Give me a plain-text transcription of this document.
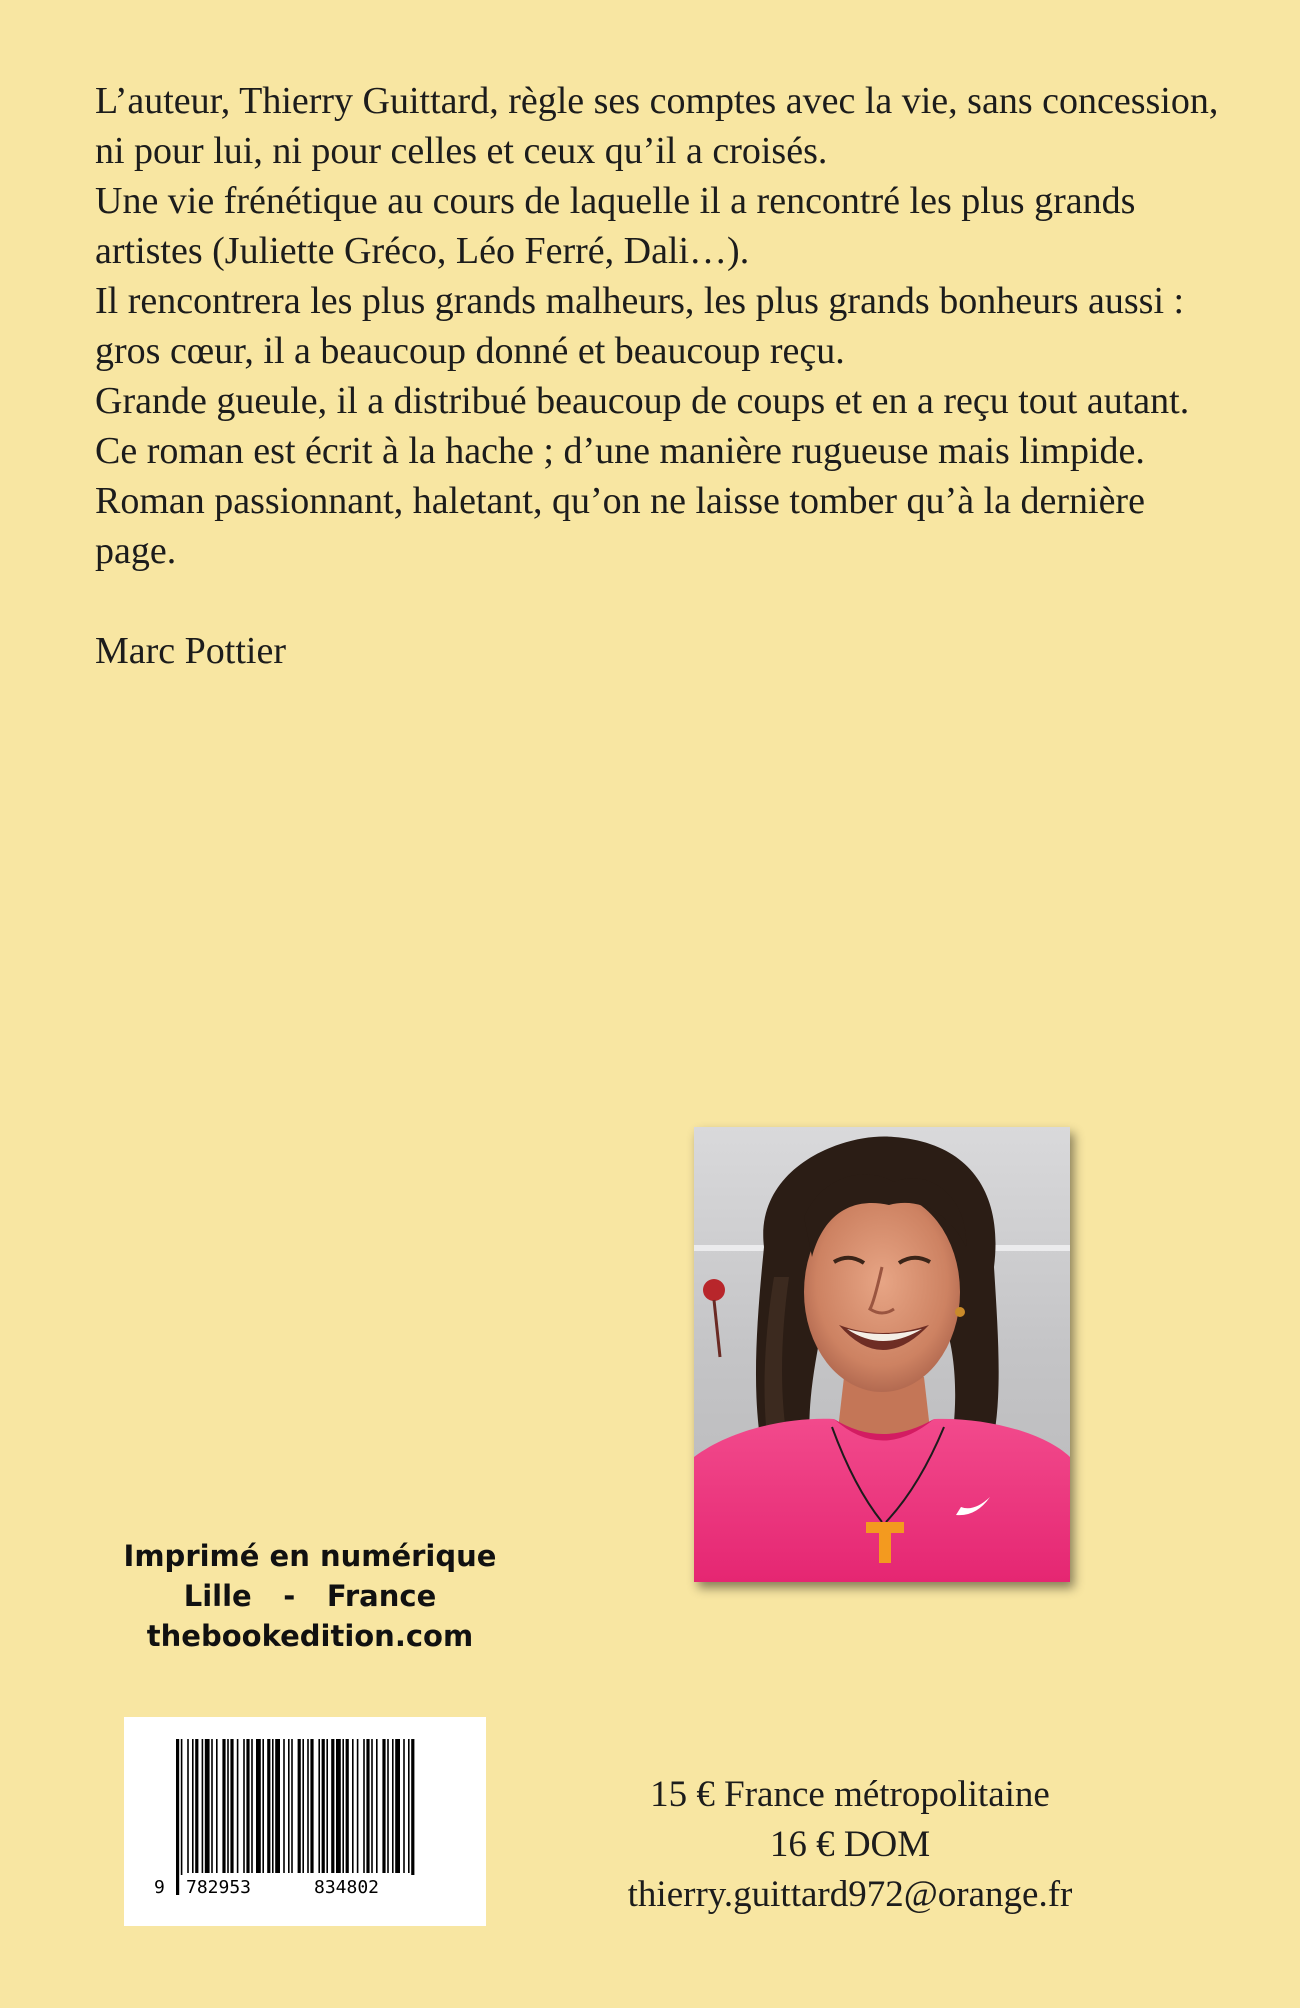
L’auteur, Thierry Guittard, règle ses comptes avec la vie, sans concession, ni pour lui, ni pour celles et ceux qu’il a croisés.

Une vie frénétique au cours de laquelle il a rencontré les plus grands artistes (Juliette Gréco, Léo Ferré, Dali…).

Il rencontrera les plus grands malheurs, les plus grands bonheurs aussi : gros cœur, il a beaucoup donné et beaucoup reçu.

Grande gueule, il a distribué beaucoup de coups et en a reçu tout autant.

Ce roman est écrit à la hache ; d’une manière rugueuse mais limpide.

Roman passionnant, haletant, qu’on ne laisse tomber qu’à la dernière page.

Marc Pottier

Imprimé en numérique
Lille - France
thebookedition.com
9 782953	834802
15 € France métropolitaine
16 € DOM
thierry.guittard972@orange.fr
